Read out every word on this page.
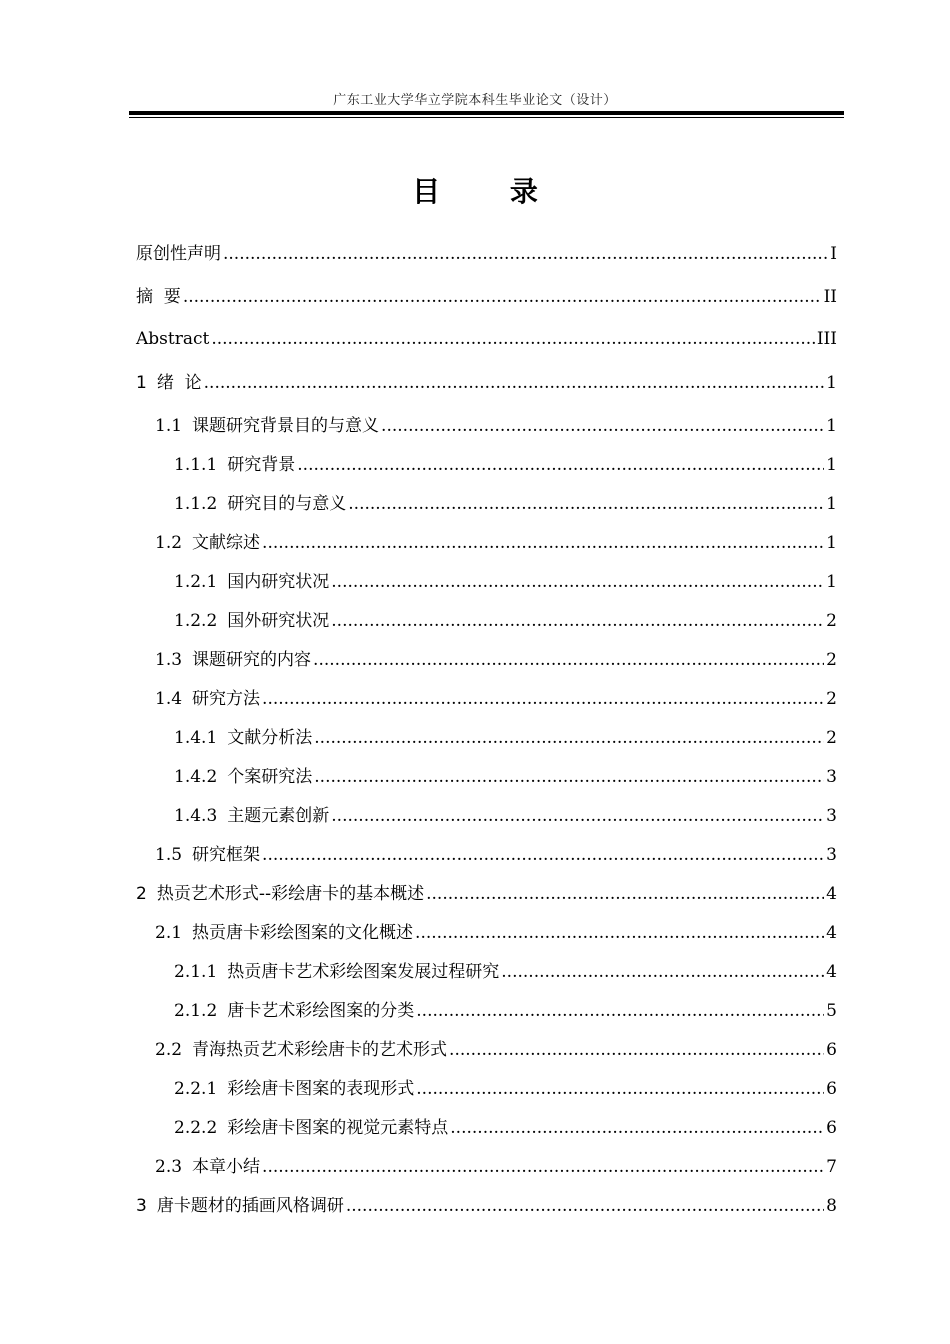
广东工业大学华立学院本科生毕业论文（设计）
目 录
原创性声明 .....	I
摘  要 .....	II
Abstract .....	III
1 绪  论 .....	1
1.1 课题研究背景目的与意义 .....	1
1.1.1 研究背景 .....	1
1.1.2 研究目的与意义 .....	1
1.2 文献综述 .....	1
1.2.1 国内研究状况 .....	1
1.2.2 国外研究状况 .....	2
1.3 课题研究的内容 .....	2
1.4 研究方法 .....	2
1.4.1 文献分析法 .....	2
1.4.2 个案研究法 .....	3
1.4.3 主题元素创新 .....	3
1.5 研究框架 .....	3
2 热贡艺术形式--彩绘唐卡的基本概述 .....	4
2.1 热贡唐卡彩绘图案的文化概述 .....	4
2.1.1 热贡唐卡艺术彩绘图案发展过程研究 .....	4
2.1.2 唐卡艺术彩绘图案的分类 .....	5
2.2 青海热贡艺术彩绘唐卡的艺术形式 .....	6
2.2.1 彩绘唐卡图案的表现形式 .....	6
2.2.2 彩绘唐卡图案的视觉元素特点 .....	6
2.3 本章小结 .....	7
3 唐卡题材的插画风格调研 .....	8
